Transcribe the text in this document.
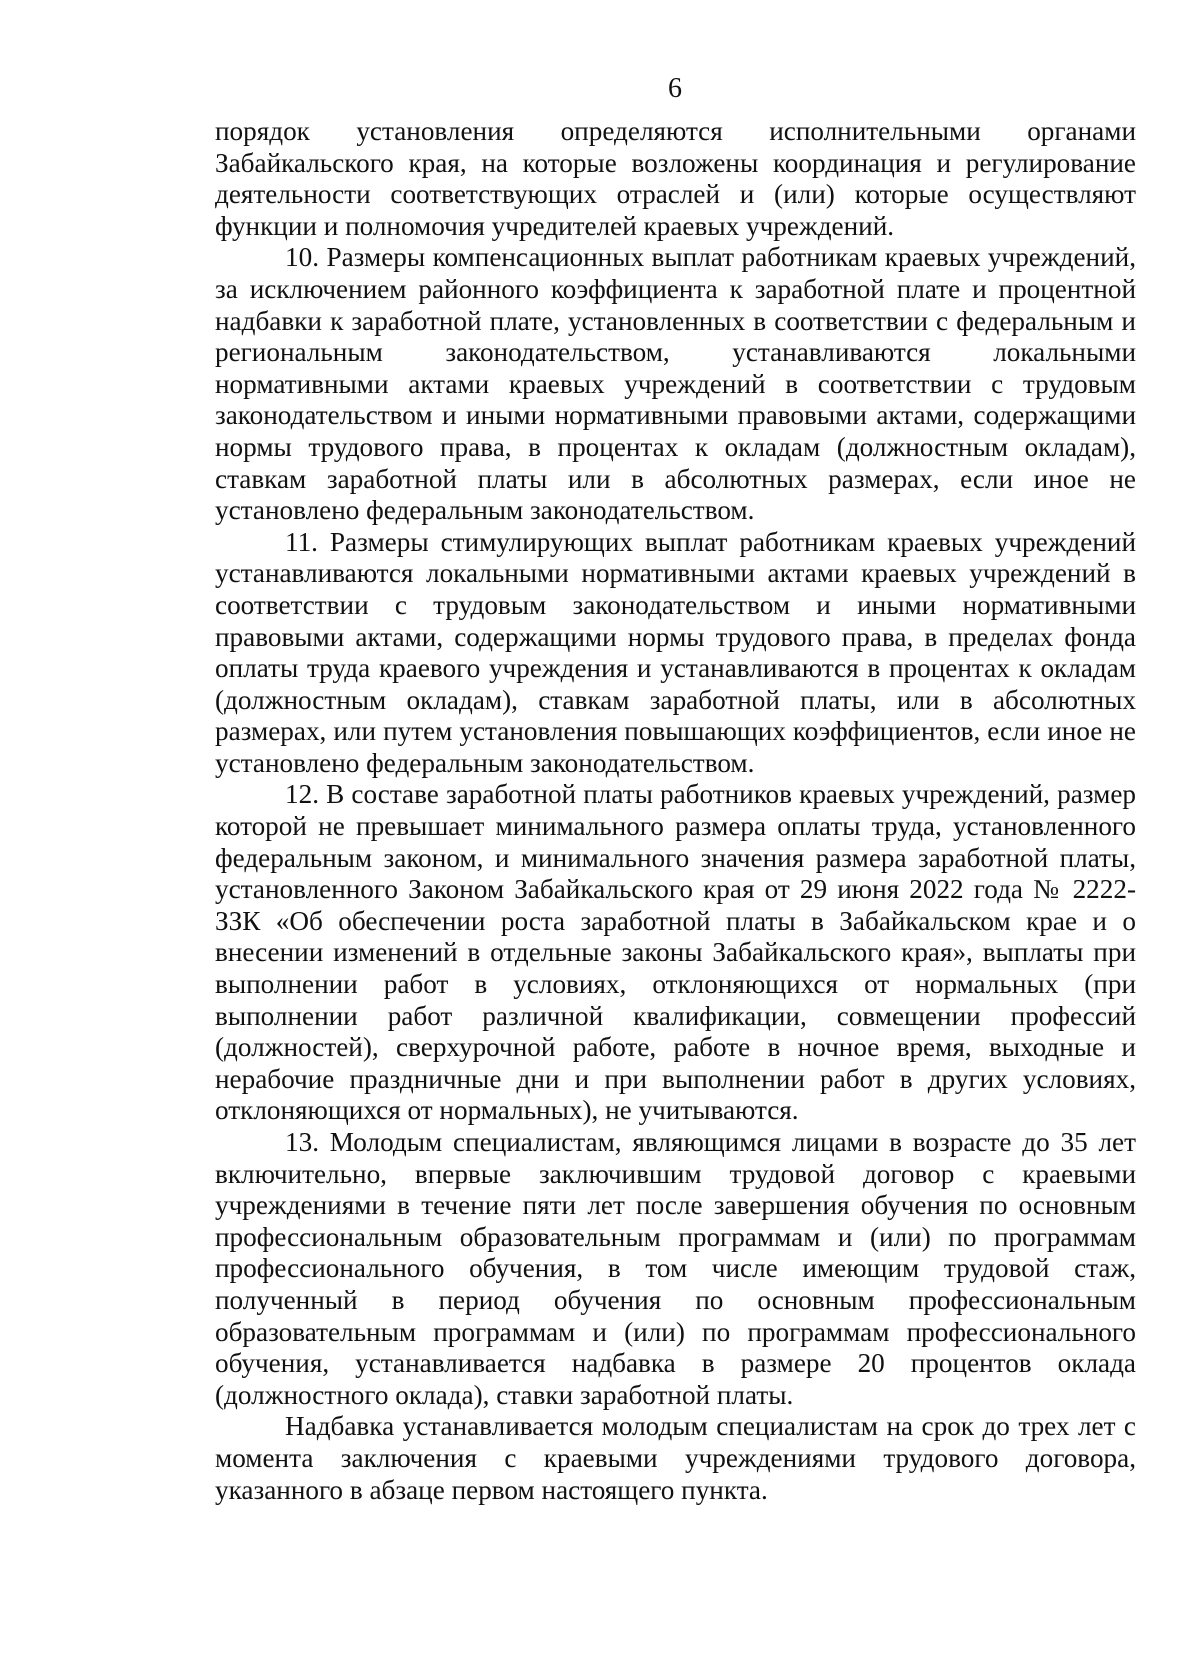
6

порядок установления определяются исполнительными органами Забайкальского края, на которые возложены координация и регулирование деятельности соответствующих отраслей и (или) которые осуществляют функции и полномочия учредителей краевых учреждений.

10. Размеры компенсационных выплат работникам краевых учреждений, за исключением районного коэффициента к заработной плате и процентной надбавки к заработной плате, установленных в соответствии с федеральным и региональным законодательством, устанавливаются локальными нормативными актами краевых учреждений в соответствии с трудовым законодательством и иными нормативными правовыми актами, содержащими нормы трудового права, в процентах к окладам (должностным окладам), ставкам заработной платы или в абсолютных размерах, если иное не установлено федеральным законодательством.

11. Размеры стимулирующих выплат работникам краевых учреждений устанавливаются локальными нормативными актами краевых учреждений в соответствии с трудовым законодательством и иными нормативными правовыми актами, содержащими нормы трудового права, в пределах фонда оплаты труда краевого учреждения и устанавливаются в процентах к окладам (должностным окладам), ставкам заработной платы, или в абсолютных размерах, или путем установления повышающих коэффициентов, если иное не установлено федеральным законодательством.

12. В составе заработной платы работников краевых учреждений, размер которой не превышает минимального размера оплаты труда, установленного федеральным законом, и минимального значения размера заработной платы, установленного Законом Забайкальского края от 29 июня 2022 года № 2222-ЗЗК «Об обеспечении роста заработной платы в Забайкальском крае и о внесении изменений в отдельные законы Забайкальского края», выплаты при выполнении работ в условиях, отклоняющихся от нормальных (при выполнении работ различной квалификации, совмещении профессий (должностей), сверхурочной работе, работе в ночное время, выходные и нерабочие праздничные дни и при выполнении работ в других условиях, отклоняющихся от нормальных), не учитываются.

13. Молодым специалистам, являющимся лицами в возрасте до 35 лет включительно, впервые заключившим трудовой договор с краевыми учреждениями в течение пяти лет после завершения обучения по основным профессиональным образовательным программам и (или) по программам профессионального обучения, в том числе имеющим трудовой стаж, полученный в период обучения по основным профессиональным образовательным программам и (или) по программам профессионального обучения, устанавливается надбавка в размере 20 процентов оклада (должностного оклада), ставки заработной платы.

Надбавка устанавливается молодым специалистам на срок до трех лет с момента заключения с краевыми учреждениями трудового договора, указанного в абзаце первом настоящего пункта.
